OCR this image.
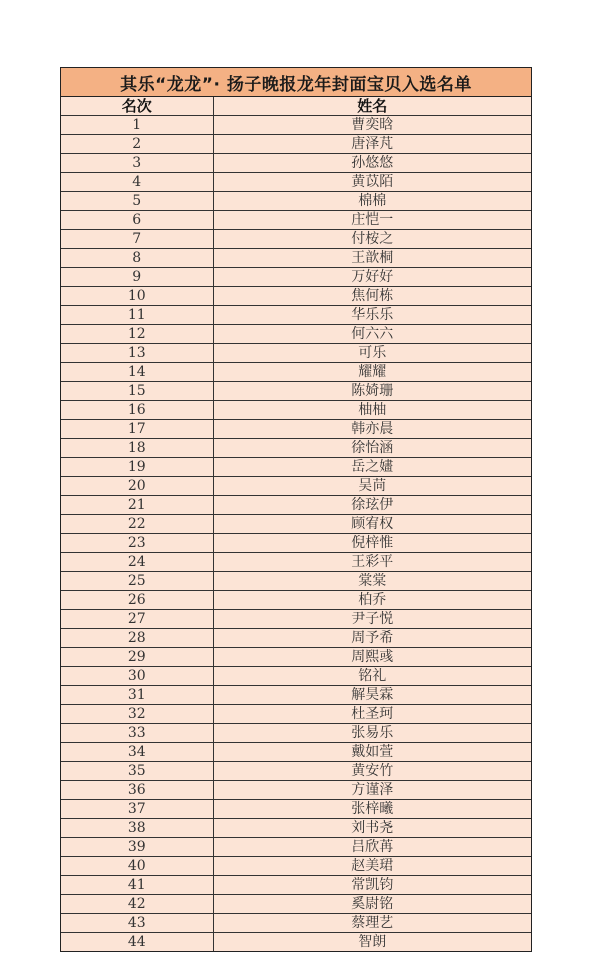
其乐“龙龙”· 扬子晚报龙年封面宝贝入选名单
名次	姓名
1	曹奕晗
2	唐泽芃
3	孙悠悠
4	黄苡陌
5	棉棉
6	庄恺一
7	付桉之
8	王歆桐
9	万好好
10	焦何栋
11	华乐乐
12	何六六
13	可乐
14	耀耀
15	陈婍珊
16	柚柚
17	韩亦晨
18	徐怡涵
19	岳之嫿
20	吴苘
21	徐玹伊
22	顾宥权
23	倪梓惟
24	王彩平
25	棠棠
26	柏乔
27	尹子悦
28	周予希
29	周熙彧
30	铭礼
31	解昊霖
32	杜圣珂
33	张易乐
34	戴如萱
35	黄安竹
36	方谨泽
37	张梓曦
38	刘书尧
39	吕欣苒
40	赵美珺
41	常凯钧
42	奚尉铭
43	蔡理艺
44	智朗
